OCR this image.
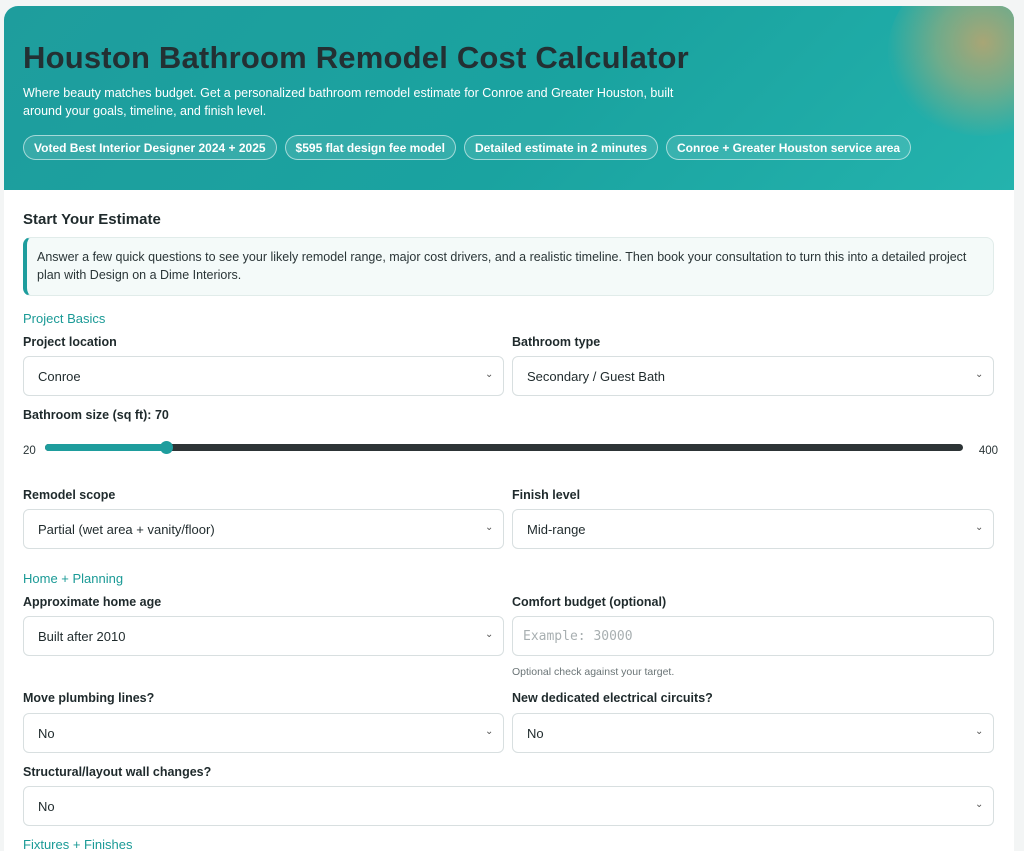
Houston Bathroom Remodel Cost Calculator
Where beauty matches budget. Get a personalized bathroom remodel estimate for Conroe and Greater Houston, built around your goals, timeline, and finish level.
Voted Best Interior Designer 2024 + 2025	$595 flat design fee model	Detailed estimate in 2 minutes	Conroe + Greater Houston service area
Start Your Estimate
Answer a few quick questions to see your likely remodel range, major cost drivers, and a realistic timeline. Then book your consultation to turn this into a detailed project plan with Design on a Dime Interiors.
Project Basics
Project location
Conroe	⌄
Bathroom type
Secondary / Guest Bath	⌄
Bathroom size (sq ft): 70
20	400
Remodel scope
Partial (wet area + vanity/floor)	⌄
Finish level
Mid-range	⌄
Home + Planning
Approximate home age
Built after 2010	⌄
Comfort budget (optional)
Example: 30000
Optional check against your target.
Move plumbing lines?
No	⌄
New dedicated electrical circuits?
No	⌄
Structural/layout wall changes?
No	⌄
Fixtures + Finishes
